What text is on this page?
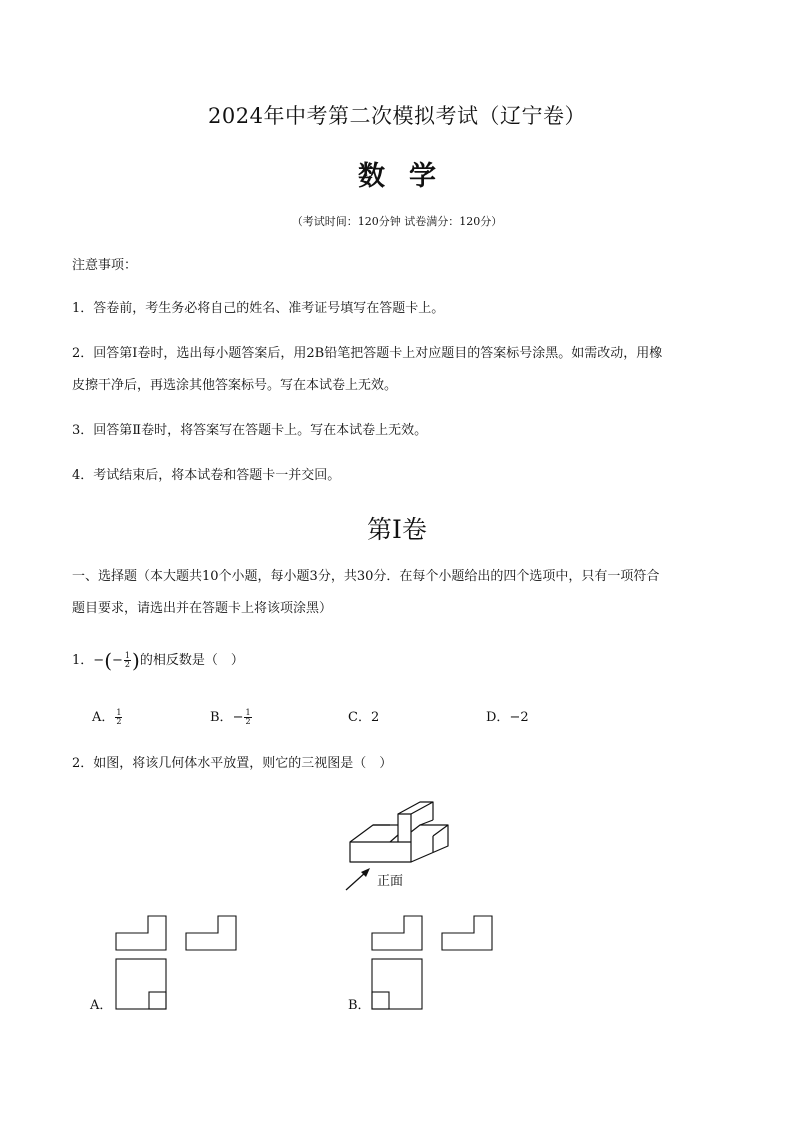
2024年中考第二次模拟考试（辽宁卷）
数学
（考试时间：120分钟 试卷满分：120分）
注意事项：
1．答卷前，考生务必将自己的姓名、准考证号填写在答题卡上。
2．回答第Ⅰ卷时，选出每小题答案后，用2B铅笔把答题卡上对应题目的答案标号涂黑。如需改动，用橡
皮擦干净后，再选涂其他答案标号。写在本试卷上无效。
3．回答第Ⅱ卷时，将答案写在答题卡上。写在本试卷上无效。
4．考试结束后，将本试卷和答题卡一并交回。
第Ⅰ卷
一、选择题（本大题共10个小题，每小题3分，共30分．在每个小题给出的四个选项中，只有一项符合
题目要求，请选出并在答题卡上将该项涂黑）
1．−(− $\frac{1}{2}$ )的相反数是（　）
A． $\frac{1}{2}$	B．− $\frac{1}{2}$	C．2	D．−2
2．如图，将该几何体水平放置，则它的三视图是（　）
正面
A．	B．
